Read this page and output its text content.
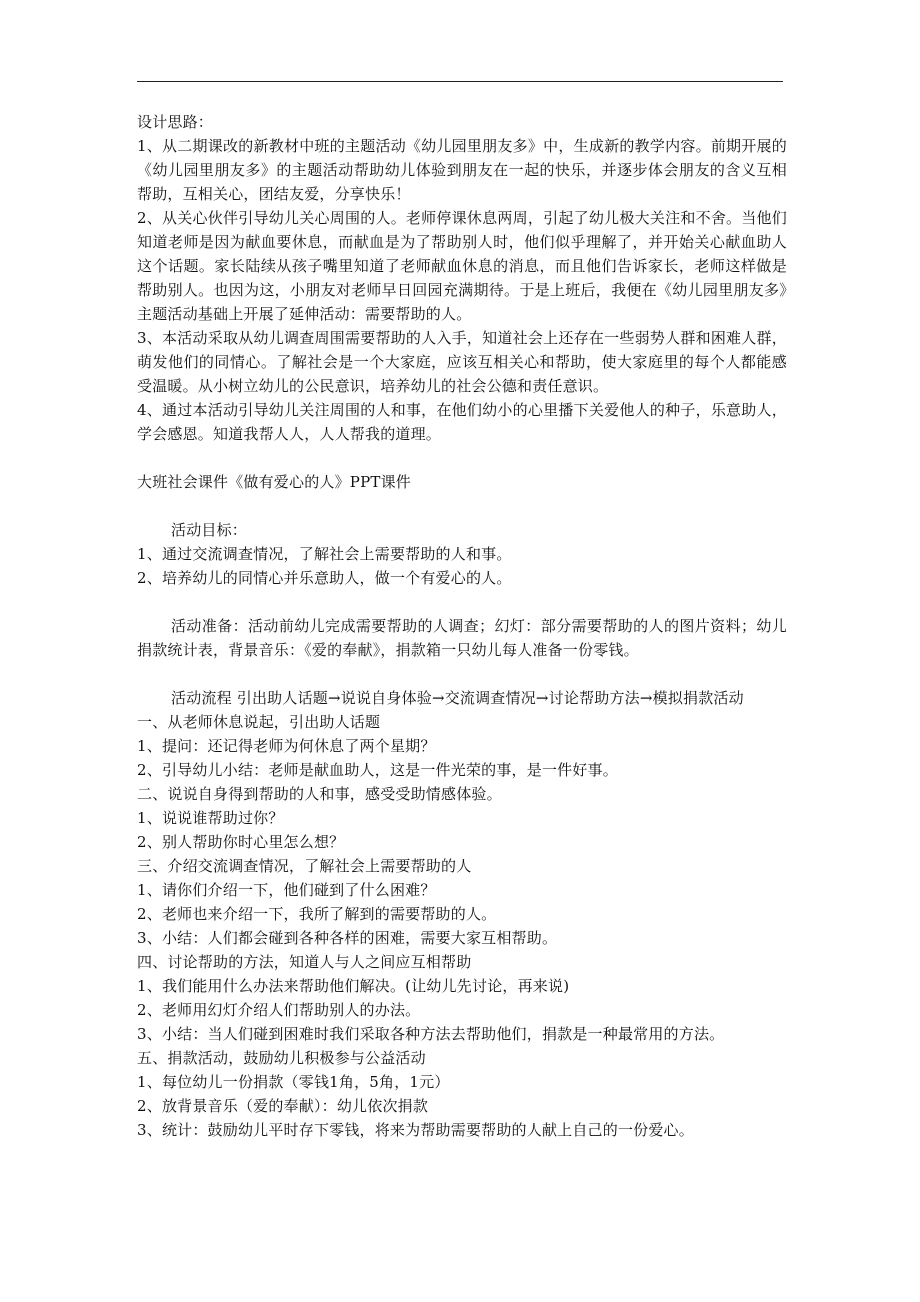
设计思路：

1、从二期课改的新教材中班的主题活动《幼儿园里朋友多》中，生成新的教学内容。前期开展的《幼儿园里朋友多》的主题活动帮助幼儿体验到朋友在一起的快乐，并逐步体会朋友的含义互相帮助，互相关心，团结友爱，分享快乐！

2、从关心伙伴引导幼儿关心周围的人。老师停课休息两周，引起了幼儿极大关注和不舍。当他们知道老师是因为献血要休息，而献血是为了帮助别人时，他们似乎理解了，并开始关心献血助人这个话题。家长陆续从孩子嘴里知道了老师献血休息的消息，而且他们告诉家长，老师这样做是帮助别人。也因为这，小朋友对老师早日回园充满期待。于是上班后，我便在《幼儿园里朋友多》主题活动基础上开展了延伸活动：需要帮助的人。

3、本活动采取从幼儿调查周围需要帮助的人入手，知道社会上还存在一些弱势人群和困难人群，萌发他们的同情心。了解社会是一个大家庭，应该互相关心和帮助，使大家庭里的每个人都能感受温暖。从小树立幼儿的公民意识，培养幼儿的社会公德和责任意识。

4、通过本活动引导幼儿关注周围的人和事，在他们幼小的心里播下关爱他人的种子，乐意助人，学会感恩。知道我帮人人，人人帮我的道理。

大班社会课件《做有爱心的人》PPT课件

活动目标：

1、通过交流调查情况，了解社会上需要帮助的人和事。

2、培养幼儿的同情心并乐意助人，做一个有爱心的人。

活动准备：活动前幼儿完成需要帮助的人调查；幻灯：部分需要帮助的人的图片资料；幼儿捐款统计表，背景音乐：《爱的奉献》，捐款箱一只幼儿每人准备一份零钱。

活动流程 引出助人话题→说说自身体验→交流调查情况→讨论帮助方法→模拟捐款活动

一、从老师休息说起，引出助人话题

1、提问：还记得老师为何休息了两个星期？

2、引导幼儿小结：老师是献血助人，这是一件光荣的事，是一件好事。

二、说说自身得到帮助的人和事，感受受助情感体验。

1、说说谁帮助过你？

2、别人帮助你时心里怎么想？

三、介绍交流调查情况，了解社会上需要帮助的人

1、请你们介绍一下，他们碰到了什么困难？

2、老师也来介绍一下，我所了解到的需要帮助的人。

3、小结：人们都会碰到各种各样的困难，需要大家互相帮助。

四、讨论帮助的方法，知道人与人之间应互相帮助

1、我们能用什么办法来帮助他们解决。(让幼儿先讨论，再来说)

2、老师用幻灯介绍人们帮助别人的办法。

3、小结：当人们碰到困难时我们采取各种方法去帮助他们，捐款是一种最常用的方法。

五、捐款活动，鼓励幼儿积极参与公益活动

1、每位幼儿一份捐款（零钱1角，5角，1元）

2、放背景音乐（爱的奉献）：幼儿依次捐款

3、统计：鼓励幼儿平时存下零钱，将来为帮助需要帮助的人献上自己的一份爱心。
